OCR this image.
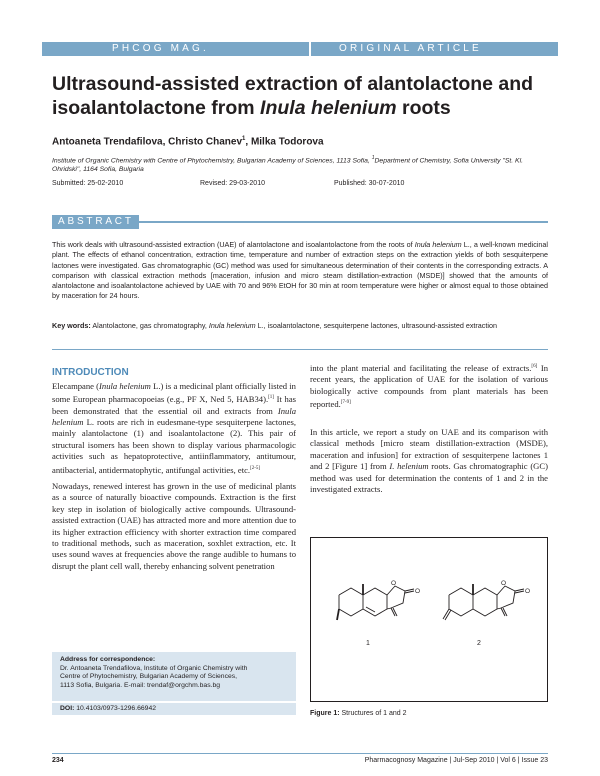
PHCOG MAG.	ORIGINAL ARTICLE
Ultrasound-assisted extraction of alantolactone and isoalantolactone from Inula helenium roots
Antoaneta Trendafilova, Christo Chanev$^1$, Milka Todorova
Institute of Organic Chemistry with Centre of Phytochemistry, Bulgarian Academy of Sciences, 1113 Sofia, $^1$Department of Chemistry, Sofia University "St. Kl. Ohridski", 1164 Sofia, Bulgaria
Submitted: 25-02-2010	Revised: 29-03-2010	Published: 30-07-2010
ABSTRACT

This work deals with ultrasound-assisted extraction (UAE) of alantolactone and isoalantolactone from the roots of Inula helenium L., a well-known medicinal plant. The effects of ethanol concentration, extraction time, temperature and number of extraction steps on the extraction yields of both sesquiterpene lactones were investigated. Gas chromatographic (GC) method was used for simultaneous determination of their contents in the corresponding extracts. A comparison with classical extraction methods [maceration, infusion and micro steam distillation-extraction (MSDE)] showed that the amounts of alantolactone and isoalantolactone achieved by UAE with 70 and 96% EtOH for 30 min at room temperature were higher or almost equal to those obtained by maceration for 24 hours.

Key words: Alantolactone, gas chromatography, Inula helenium L., isoalantolactone, sesquiterpene lactones, ultrasound-assisted extraction

INTRODUCTION

Elecampane (Inula helenium L.) is a medicinal plant officially listed in some European pharmacopoeias (e.g., PF X, Ned 5, HAB34).[1] It has been demonstrated that the essential oil and extracts from Inula helenium L. roots are rich in eudesmane-type sesquiterpene lactones, mainly alantolactone (1) and isoalantolactone (2). This pair of structural isomers has been shown to display various pharmacologic activities such as hepatoprotective, antiinflammatory, antitumour, antibacterial, antidermatophytic, antifungal activities, etc.[2-5]

Nowadays, renewed interest has grown in the use of medicinal plants as a source of naturally bioactive compounds. Extraction is the first key step in isolation of biologically active compounds. Ultrasound-assisted extraction (UAE) has attracted more and more attention due to its higher extraction efficiency with shorter extraction time compared to traditional methods, such as maceration, soxhlet extraction, etc. It uses sound waves at frequencies above the range audible to humans to disrupt the plant cell wall, thereby enhancing solvent penetration

into the plant material and facilitating the release of extracts.[6] In recent years, the application of UAE for the isolation of various biologically active compounds from plant materials has been reported.[7-9]

In this article, we report a study on UAE and its comparison with classical methods [micro steam distillation-extraction (MSDE), maceration and infusion] for extraction of sesquiterpene lactones 1 and 2 [Figure 1] from I. helenium roots. Gas chromatographic (GC) method was used for determination the contents of 1 and 2 in the investigated extracts.

Address for correspondence:
Dr. Antoaneta Trendafilova, Institute of Organic Chemistry with
Centre of Phytochemistry, Bulgarian Academy of Sciences,
1113 Sofia, Bulgaria. E-mail: trendaf@orgchm.bas.bg
DOI: 10.4103/0973-1296.66942
1
O
O
2
O
O
Figure 1: Structures of 1 and 2
234	Pharmacognosy Magazine | Jul-Sep 2010 | Vol 6 | Issue 23
